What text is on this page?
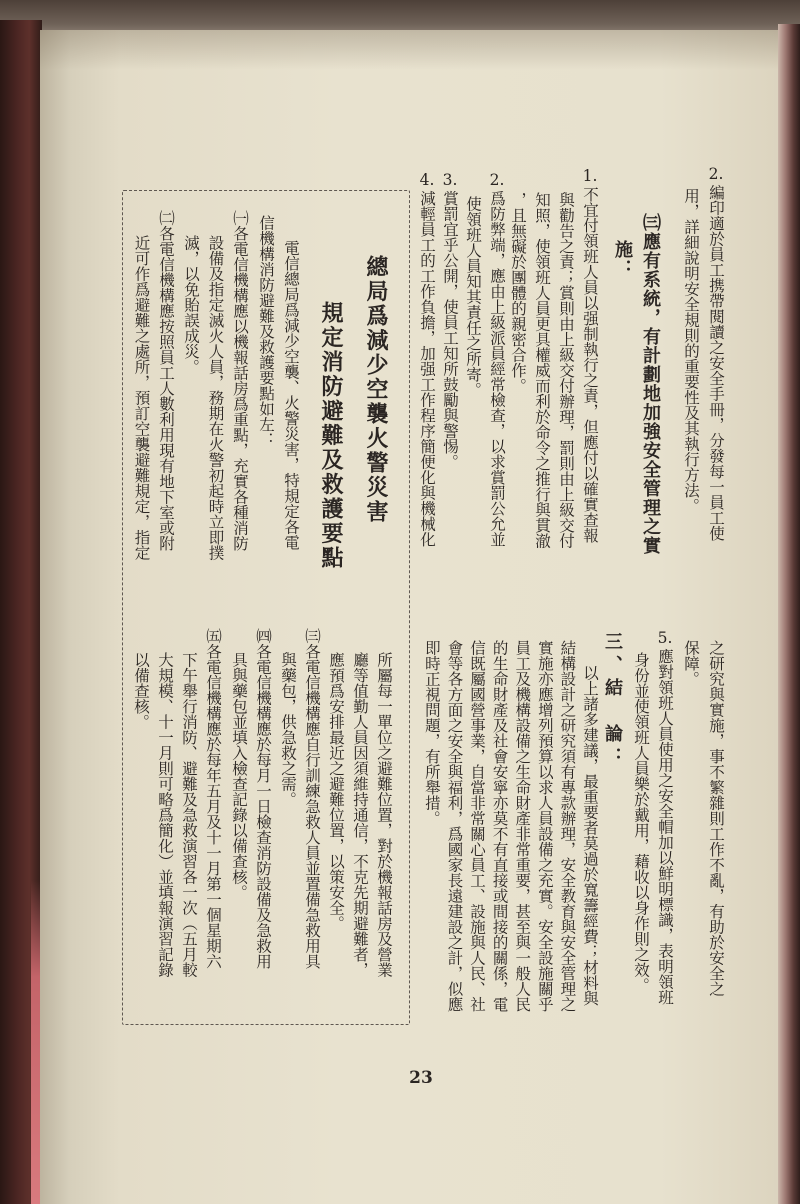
2.編印適於員工携帶閱讀之安全手冊，分發每一員工使
用，詳細說明安全規則的重要性及其執行方法。
㈢應有系統，有計劃地加強安全管理之實
施：
1.不宜付領班人員以强制執行之責，但應付以確實查報
與勸告之責；賞則由上級交付辦理，罰則由上級交付
知照，使領班人員更具權威而利於命令之推行與貫澈
，且無礙於團體的親密合作。
2.爲防弊端，應由上級派員經常檢查，以求賞罰公允並
使領班人員知其責任之所寄。
3.賞罰宜乎公開，使員工知所鼓勵與警惕。
4.減輕員工的工作負擔，加强工作程序簡便化與機械化
總局爲減少空襲火警災害
規定消防避難及救護要點
電信總局爲減少空襲、火警災害，特規定各電
信機構消防避難及救護要點如左：
㈠各電信機構應以機報話房爲重點，充實各種消防
設備及指定滅火人員，務期在火警初起時立即撲
滅，以免貽誤成災。
㈡各電信機構應按照員工人數利用現有地下室或附
近可作爲避難之處所，預訂空襲避難規定，指定
所屬每一單位之避難位置，對於機報話房及營業
廳等值勤人員因須維持通信，不克先期避難者，
應預爲安排最近之避難位置，以策安全。
㈢各電信機構應自行訓練急救人員並置備急救用具
與藥包，供急救之需。
㈣各電信機構應於每月一日檢查消防設備及急救用
具與藥包並填入檢查記錄以備查核。
㈤各電信機構應於每年五月及十一月第一個星期六
下午舉行消防、避難及急救演習各一次（五月較
大規模、十一月則可略爲簡化）並填報演習記錄
以備查核。	之研究與實施，事不繁雜則工作不亂，有助於安全之
保障。
5.應對領班人員使用之安全帽加以鮮明標識，表明領班
身份並使領班人員樂於戴用，藉收以身作則之效。
三、結　論：
以上諸多建議，最重要者莫過於寬籌經費；材料與
結構設計之研究須有專款辦理，安全教育與安全管理之
實施亦應增列預算以求人員設備之充實。安全設施關乎
員工及機構設備之生命財產非常重要，甚至與一般人民
的生命財產及社會安寧亦莫不有直接或間接的關係，電
信既屬國營事業，自當非常關心員工、設施與人民、社
會等各方面之安全與福利，爲國家長遠建設之計，似應
即時正視問題，有所舉措。
23
